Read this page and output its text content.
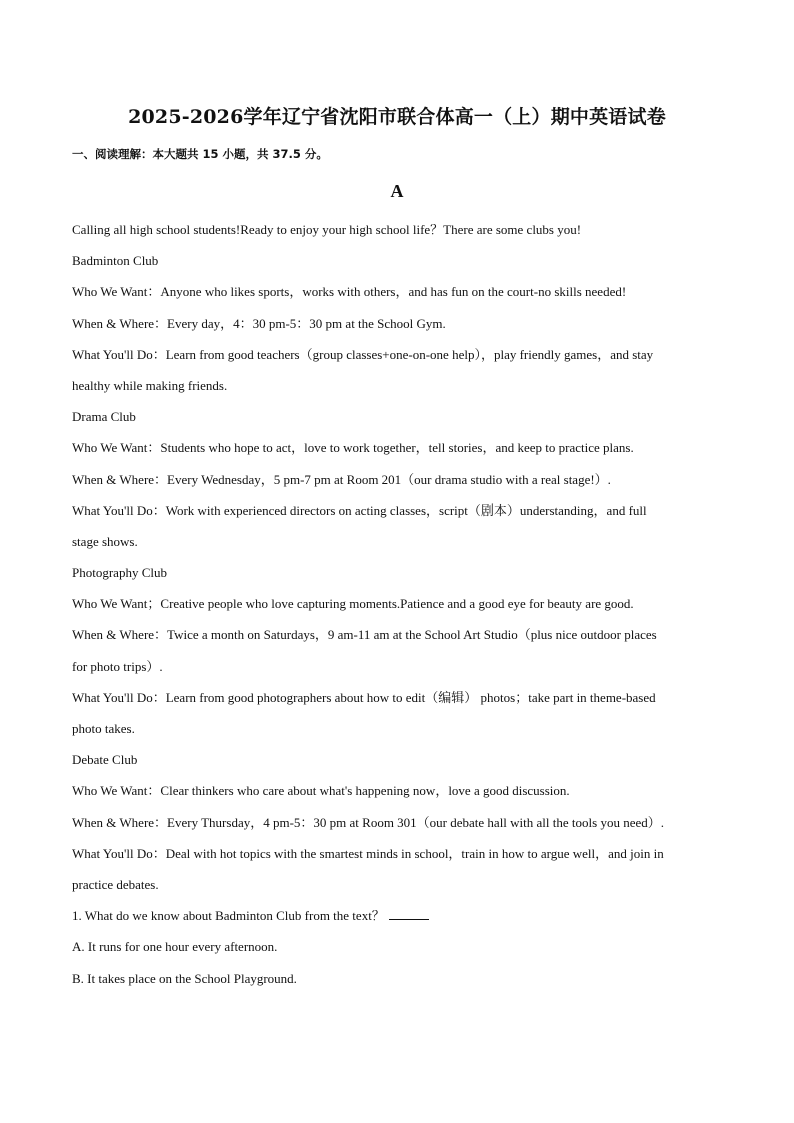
2025-2026学年辽宁省沈阳市联合体高一（上）期中英语试卷
一、阅读理解：本大题共 15 小题，共 37.5 分。
A
Calling all high school students!Ready to enjoy your high school life？There are some clubs you!
Badminton Club
Who We Want：Anyone who likes sports，works with others，and has fun on the court-no skills needed!
When & Where：Every day，4：30 pm-5：30 pm at the School Gym.
What You'll Do：Learn from good teachers（group classes+one-on-one help），play friendly games，and stay
healthy while making friends.
Drama Club
Who We Want：Students who hope to act，love to work together，tell stories，and keep to practice plans.
When & Where：Every Wednesday，5 pm-7 pm at Room 201（our drama studio with a real stage!）.
What You'll Do：Work with experienced directors on acting classes，script（剧本）understanding，and full
stage shows.
Photography Club
Who We Want；Creative people who love capturing moments.Patience and a good eye for beauty are good.
When & Where：Twice a month on Saturdays，9 am-11 am at the School Art Studio（plus nice outdoor places
for photo trips）.
What You'll Do：Learn from good photographers about how to edit（编辑） photos；take part in theme-based
photo takes.
Debate Club
Who We Want：Clear thinkers who care about what's happening now，love a good discussion.
When & Where：Every Thursday，4 pm-5：30 pm at Room 301（our debate hall with all the tools you need）.
What You'll Do：Deal with hot topics with the smartest minds in school，train in how to argue well，and join in
practice debates.
1. What do we know about Badminton Club from the text？
A. It runs for one hour every afternoon.
B. It takes place on the School Playground.
